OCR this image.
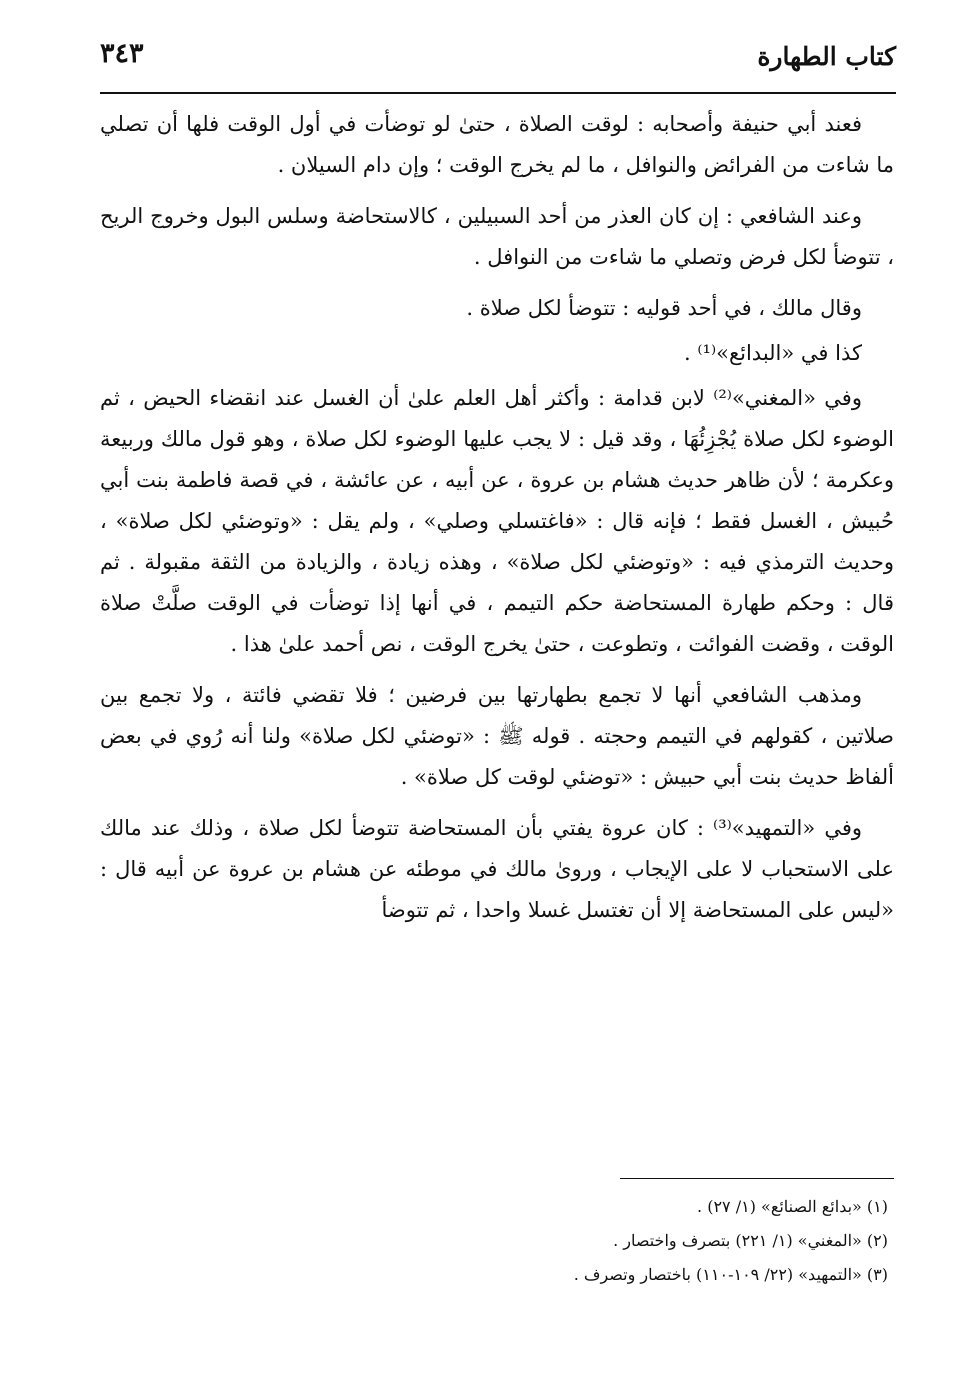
كتاب الطهارة
٣٤٣

فعند أبي حنيفة وأصحابه : لوقت الصلاة ، حتىٰ لو توضأت في أول الوقت فلها أن تصلي ما شاءت من الفرائض والنوافل ، ما لم يخرج الوقت ؛ وإن دام السيلان .

وعند الشافعي : إن كان العذر من أحد السبيلين ، كالاستحاضة وسلس البول وخروج الريح ، تتوضأ لكل فرض وتصلي ما شاءت من النوافل .

وقال مالك ، في أحد قوليه : تتوضأ لكل صلاة .

كذا في «البدائع»⁽¹⁾ .

وفي «المغني»⁽²⁾ لابن قدامة : وأكثر أهل العلم علىٰ أن الغسل عند انقضاء الحيض ، ثم الوضوء لكل صلاة يُجْزِئُهَا ، وقد قيل : لا يجب عليها الوضوء لكل صلاة ، وهو قول مالك وربيعة وعكرمة ؛ لأن ظاهر حديث هشام بن عروة ، عن أبيه ، عن عائشة ، في قصة فاطمة بنت أبي حُبيش ، الغسل فقط ؛ فإنه قال : «فاغتسلي وصلي» ، ولم يقل : «وتوضئي لكل صلاة» ، وحديث الترمذي فيه : «وتوضئي لكل صلاة» ، وهذه زيادة ، والزيادة من الثقة مقبولة . ثم قال : وحكم طهارة المستحاضة حكم التيمم ، في أنها إذا توضأت في الوقت صلَّتْ صلاة الوقت ، وقضت الفوائت ، وتطوعت ، حتىٰ يخرج الوقت ، نص أحمد علىٰ هذا .

ومذهب الشافعي أنها لا تجمع بطهارتها بين فرضين ؛ فلا تقضي فائتة ، ولا تجمع بين صلاتين ، كقولهم في التيمم وحجته . قوله ﷺ : «توضئي لكل صلاة» ولنا أنه رُوي في بعض ألفاظ حديث بنت أبي حبيش : «توضئي لوقت كل صلاة» .

وفي «التمهيد»⁽³⁾ : كان عروة يفتي بأن المستحاضة تتوضأ لكل صلاة ، وذلك عند مالك على الاستحباب لا على الإيجاب ، وروىٰ مالك في موطئه عن هشام بن عروة عن أبيه قال : «ليس على المستحاضة إلا أن تغتسل غسلا واحدا ، ثم تتوضأ

(١) «بدائع الصنائع» (١/ ٢٧) .
(٢) «المغني» (١/ ٢٢١) بتصرف واختصار .
(٣) «التمهيد» (٢٢/ ١٠٩-١١٠) باختصار وتصرف .
